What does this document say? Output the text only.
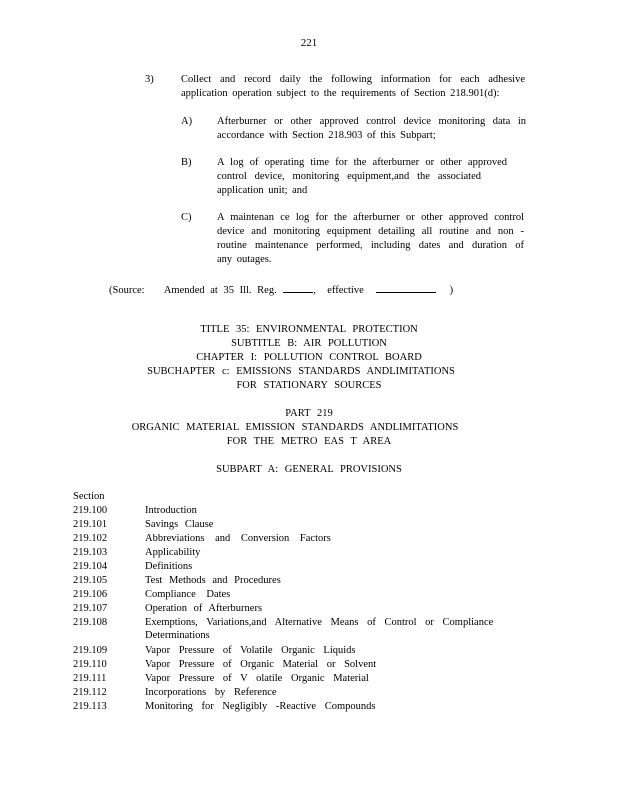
221
3)	Collect and record daily the following information for each adhesive
application operation subject to the requirements of Section 218.901(d):
A) Afterburner or other approved control device monitoring data in
accordance with Section 218.903 of this Subpart;
B) A log of operating time for the afterburner or other approved
control device, monitoring equipment,and the associated
application unit; and
C) A maintenan ce log for the afterburner or other approved control
device and monitoring equipment detailing all routine and non -
routine maintenance performed, including dates and duration of
any outages.
(Source: Amended at 35 Ill. Reg.	, effective	)
TITLE 35: ENVIRONMENTAL PROTECTION
SUBTITLE B: AIR POLLUTION
CHAPTER I: POLLUTION CONTROL BOARD
SUBCHAPTER c: EMISSIONS STANDARDS ANDLIMITATIONS
FOR STATIONARY SOURCES
PART 219
ORGANIC MATERIAL EMISSION STANDARDS ANDLIMITATIONS
FOR THE METRO EAS T AREA
SUBPART A: GENERAL PROVISIONS
Section
219.100	Introduction
219.101	Savings Clause
219.102	Abbreviations and Conversion Factors
219.103	Applicability
219.104	Definitions
219.105	Test Methods and Procedures
219.106	Compliance Dates
219.107	Operation of Afterburners
219.108	Exemptions, Variations,and Alternative Means of Control or Compliance
Determinations
219.109	Vapor Pressure of Volatile Organic Liquids
219.110	Vapor Pressure of Organic Material or Solvent
219.111	Vapor Pressure of V olatile Organic Material
219.112	Incorporations by Reference
219.113	Monitoring for Negligibly -Reactive Compounds
